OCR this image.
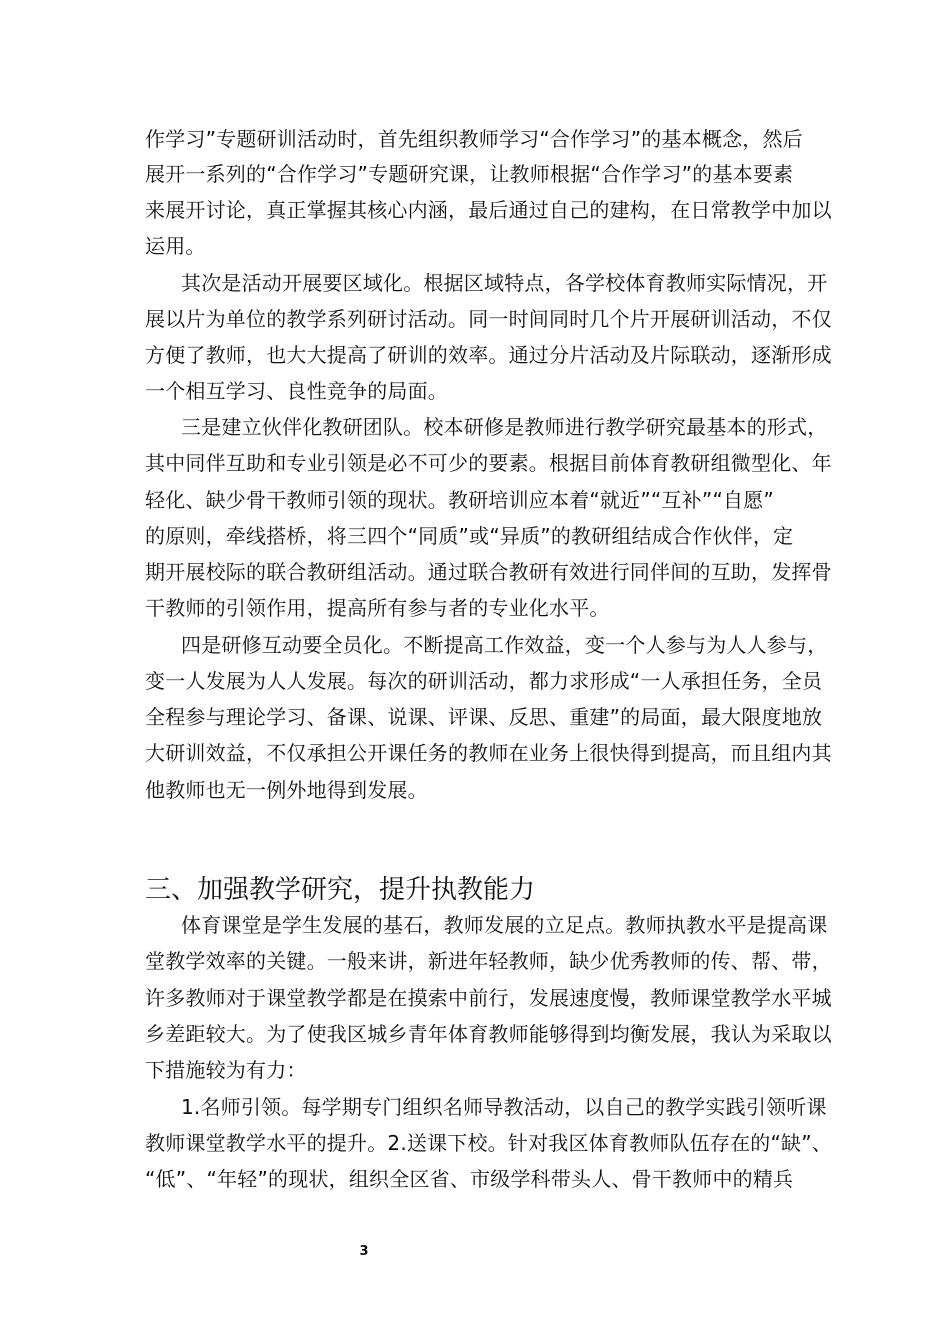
作学习”专题研训活动时，首先组织教师学习“合作学习”的基本概念，然后
展开一系列的“合作学习”专题研究课，让教师根据“合作学习”的基本要素
来展开讨论，真正掌握其核心内涵，最后通过自己的建构，在日常教学中加以
运用。
其次是活动开展要区域化。根据区域特点，各学校体育教师实际情况，开
展以片为单位的教学系列研讨活动。同一时间同时几个片开展研训活动，不仅
方便了教师，也大大提高了研训的效率。通过分片活动及片际联动，逐渐形成
一个相互学习、良性竞争的局面。
三是建立伙伴化教研团队。校本研修是教师进行教学研究最基本的形式，
其中同伴互助和专业引领是必不可少的要素。根据目前体育教研组微型化、年
轻化、缺少骨干教师引领的现状。教研培训应本着“就近”“互补”“自愿”
的原则，牵线搭桥，将三四个“同质”或“异质”的教研组结成合作伙伴，定
期开展校际的联合教研组活动。通过联合教研有效进行同伴间的互助，发挥骨
干教师的引领作用，提高所有参与者的专业化水平。
四是研修互动要全员化。不断提高工作效益，变一个人参与为人人参与，
变一人发展为人人发展。每次的研训活动，都力求形成“一人承担任务，全员
全程参与理论学习、备课、说课、评课、反思、重建”的局面，最大限度地放
大研训效益，不仅承担公开课任务的教师在业务上很快得到提高，而且组内其
他教师也无一例外地得到发展。
三、加强教学研究，提升执教能力
体育课堂是学生发展的基石，教师发展的立足点。教师执教水平是提高课
堂教学效率的关键。一般来讲，新进年轻教师，缺少优秀教师的传、帮、带，
许多教师对于课堂教学都是在摸索中前行，发展速度慢，教师课堂教学水平城
乡差距较大。为了使我区城乡青年体育教师能够得到均衡发展，我认为采取以
下措施较为有力：
1.名师引领。每学期专门组织名师导教活动，以自己的教学实践引领听课
教师课堂教学水平的提升。2.送课下校。针对我区体育教师队伍存在的“缺”、
“低”、“年轻”的现状，组织全区省、市级学科带头人、骨干教师中的精兵
3
